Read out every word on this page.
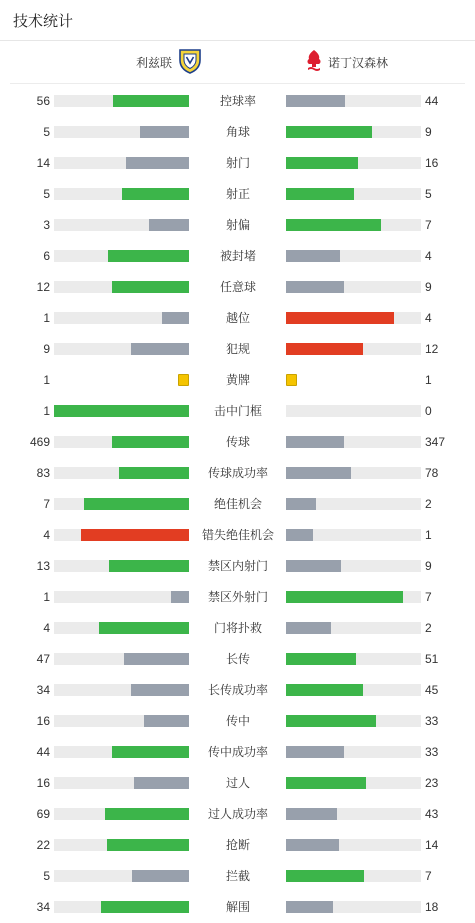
技术统计
利兹联	诺丁汉森林
56	控球率	44
5	角球	9
14	射门	16
5	射正	5
3	射偏	7
6	被封堵	4
12	任意球	9
1	越位	4
9	犯规	12
1	黄牌	1
1	击中门框	0
469	传球	347
83	传球成功率	78
7	绝佳机会	2
4	错失绝佳机会	1
13	禁区内射门	9
1	禁区外射门	7
4	门将扑救	2
47	长传	51
34	长传成功率	45
16	传中	33
44	传中成功率	33
16	过人	23
69	过人成功率	43
22	抢断	14
5	拦截	7
34	解围	18
